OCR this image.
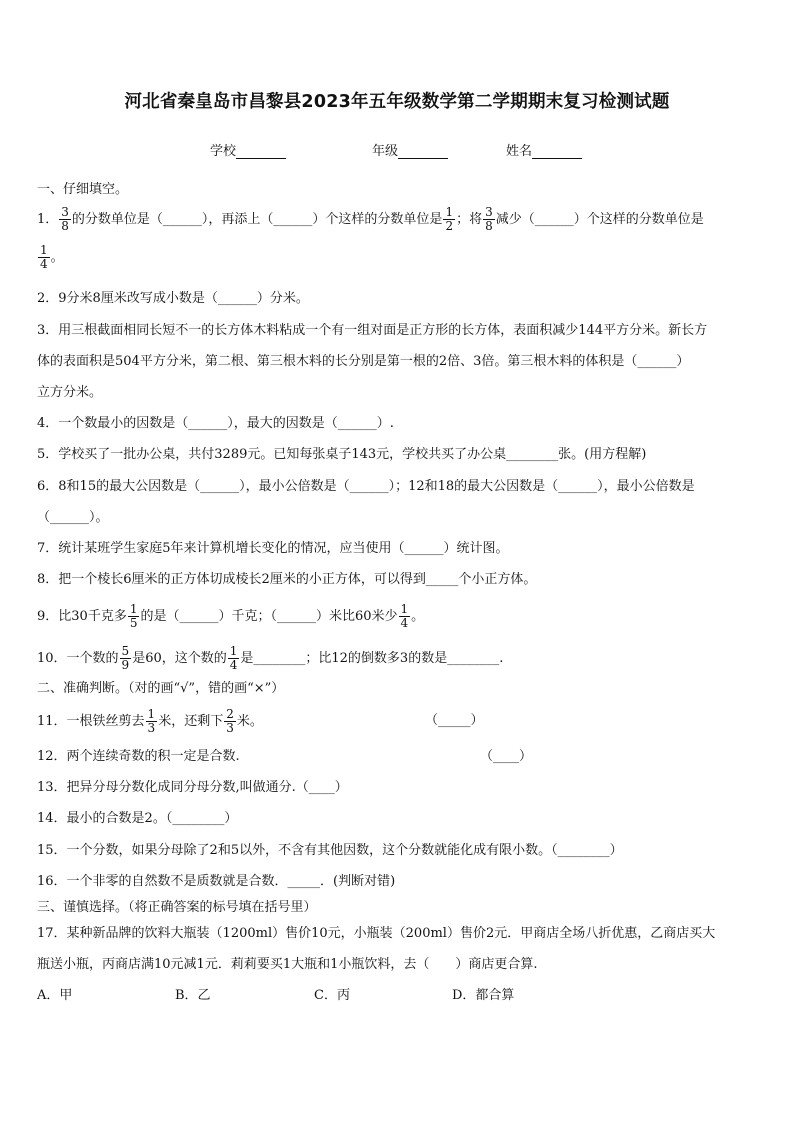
河北省秦皇岛市昌黎县2023年五年级数学第二学期期末复习检测试题
学校	年级	姓名
一、仔细填空。
1． $\frac{3}{8}$ 的分数单位是（______），再添上（______）个这样的分数单位是 $\frac{1}{2}$ ；将 $\frac{3}{8}$ 减少（______）个这样的分数单位是
$\frac{1}{4}$ 。
2．9分米8厘米改写成小数是（______）分米。
3．用三根截面相同长短不一的长方体木料粘成一个有一组对面是正方形的长方体，表面积减少144平方分米。新长方
体的表面积是504平方分米，第二根、第三根木料的长分别是第一根的2倍、3倍。第三根木料的体积是（______）
立方分米。
4．一个数最小的因数是（______），最大的因数是（______）.
5．学校买了一批办公桌，共付3289元。已知每张桌子143元，学校共买了办公桌________张。(用方程解)
6．8和15的最大公因数是（______），最小公倍数是（______）；12和18的最大公因数是（______），最小公倍数是
（______）。
7．统计某班学生家庭5年来计算机增长变化的情况，应当使用（______）统计图。
8．把一个棱长6厘米的正方体切成棱长2厘米的小正方体，可以得到_____个小正方体。
9．比30千克多 $\frac{1}{5}$ 的是（______）千克；（______）米比60米少 $\frac{1}{4}$ 。
10．一个数的 $\frac{5}{9}$ 是60，这个数的 $\frac{1}{4}$ 是________；比12的倒数多3的数是________.
二、准确判断。（对的画“√”，错的画“×”）
11．一根铁丝剪去 $\frac{1}{3}$ 米，还剩下 $\frac{2}{3}$ 米。	（_____）
12．两个连续奇数的积一定是合数.	（____）
13．把异分母分数化成同分母分数,叫做通分.（____）
14．最小的合数是2。（________）
15．一个分数，如果分母除了2和5以外，不含有其他因数，这个分数就能化成有限小数。（________）
16．一个非零的自然数不是质数就是合数．_____．(判断对错)
三、谨慎选择。（将正确答案的标号填在括号里）
17．某种新品牌的饮料大瓶装（1200ml）售价10元，小瓶装（200ml）售价2元．甲商店全场八折优惠，乙商店买大
瓶送小瓶，丙商店满10元减1元．莉莉要买1大瓶和1小瓶饮料，去（　　）商店更合算.
A．甲	B．乙	C．丙	D．都合算
